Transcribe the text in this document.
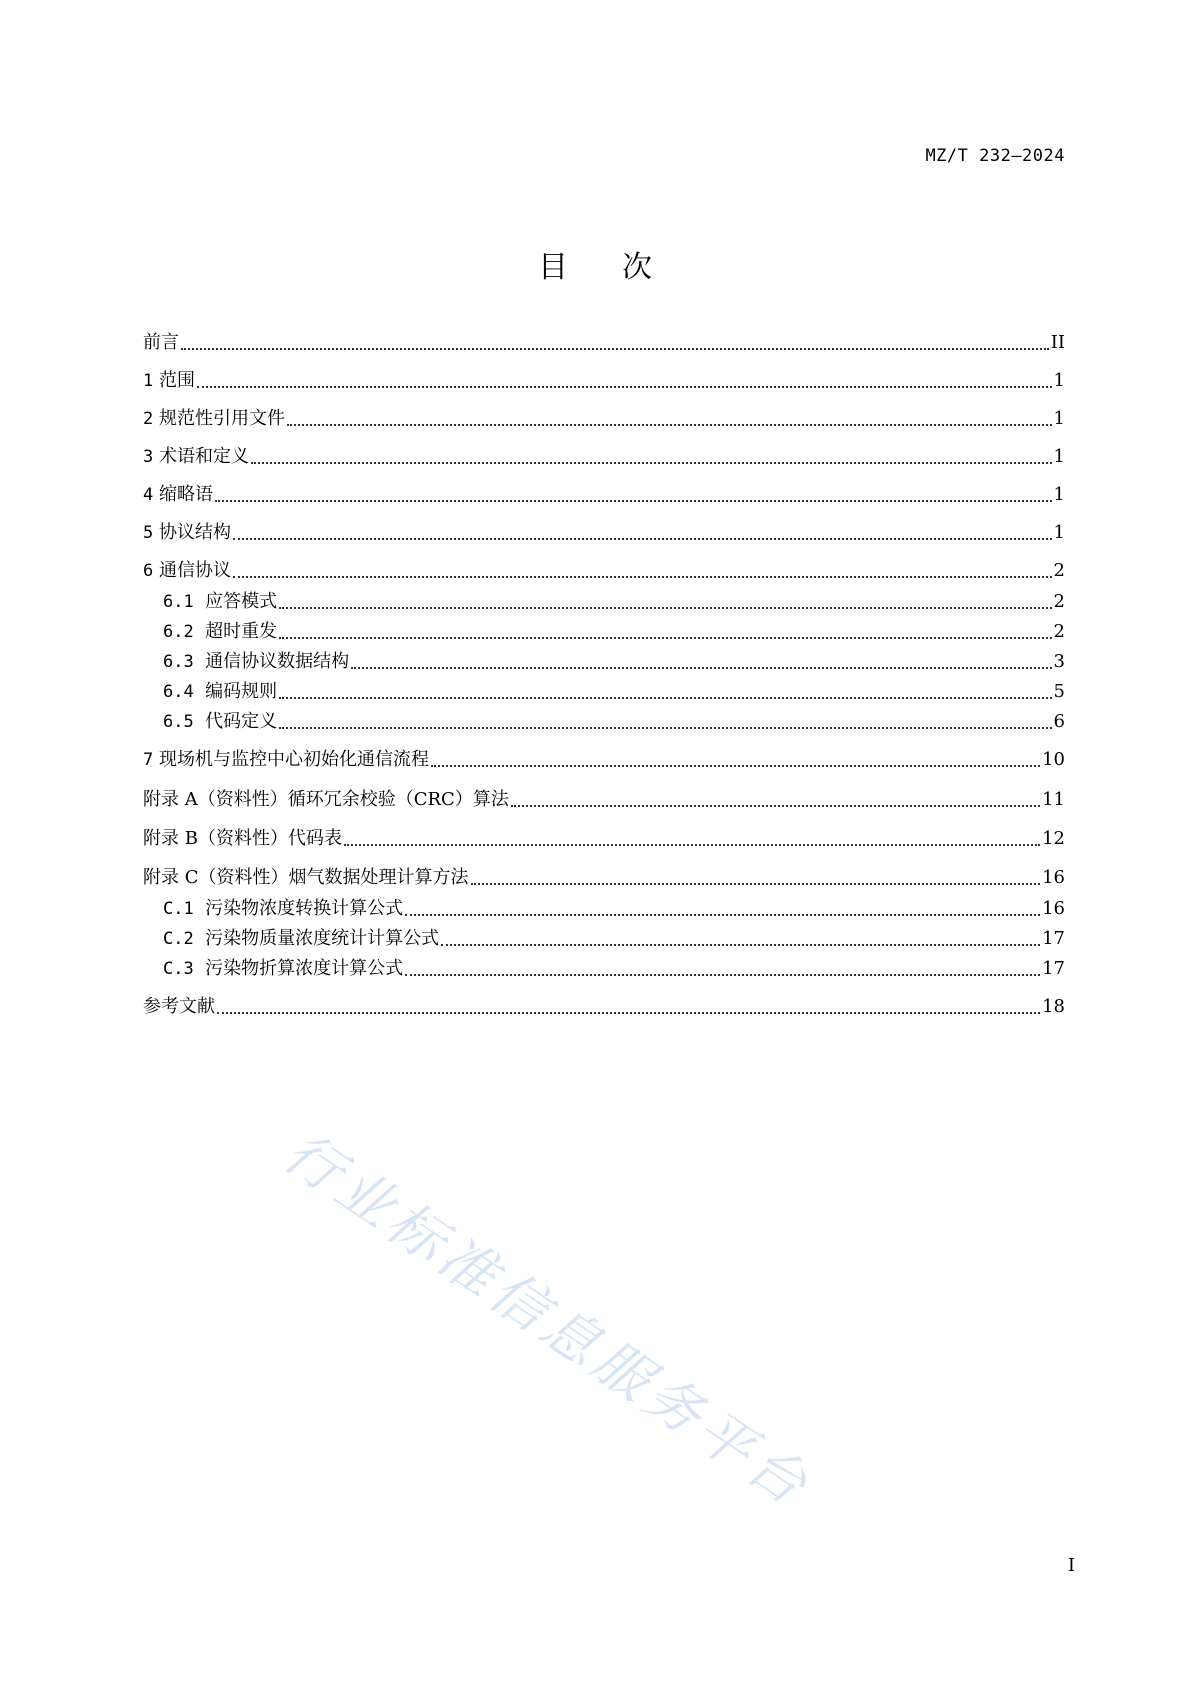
MZ/T 232—2024
目次
前言	II
1 范围	1
2 规范性引用文件	1
3 术语和定义	1
4 缩略语	1
5 协议结构	1
6 通信协议	2
6.1 应答模式	2
6.2 超时重发	2
6.3 通信协议数据结构	3
6.4 编码规则	5
6.5 代码定义	6
7 现场机与监控中心初始化通信流程	10
附录 A（资料性）循环冗余校验（CRC）算法	11
附录 B（资料性）代码表	12
附录 C（资料性）烟气数据处理计算方法	16
C.1 污染物浓度转换计算公式	16
C.2 污染物质量浓度统计计算公式	17
C.3 污染物折算浓度计算公式	17
参考文献	18
行业标准信息服务平台
I
